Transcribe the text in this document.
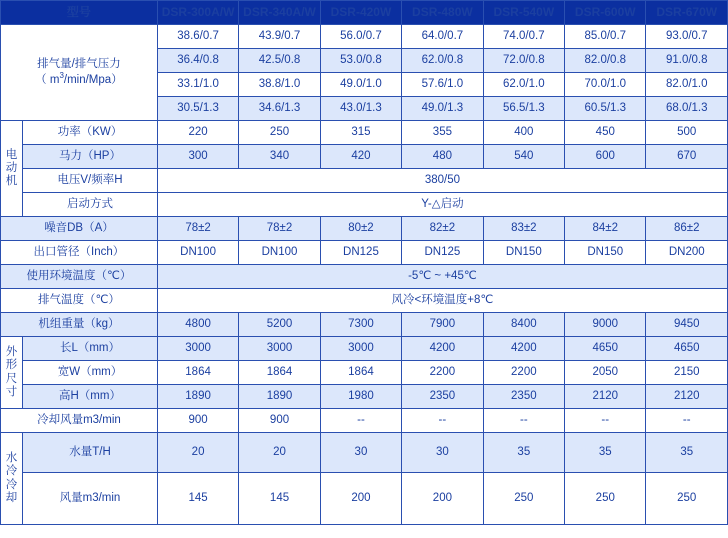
型号		DSR-300A/W	DSR-340A/W	DSR-420W	DSR-480W	DSR-540W	DSR-600W	DSR-670W

排气量/排气压力
（ $m^3/\min/Mpa$）		38.6/0.7	43.9/0.7	56.0/0.7	64.0/0.7	74.0/0.7	85.0/0.7	93.0/0.7
		36.4/0.8	42.5/0.8	53.0/0.8	62.0/0.8	72.0/0.8	82.0/0.8	91.0/0.8
		33.1/1.0	38.8/1.0	49.0/1.0	57.6/1.0	62.0/1.0	70.0/1.0	82.0/1.0
		30.5/1.3	34.6/1.3	43.0/1.3	49.0/1.3	56.5/1.3	60.5/1.3	68.0/1.3

电动机	功率（KW）	220	250	315	355	400	450	500
	马力（HP）	300	340	420	480	540	600	670
	电压V/频率H	380/50						
	启动方式	Y-△启动						
噪音DB（A）		78±2	78±2	80±2	82±2	83±2	84±2	86±2
出口管径（Inch）		DN100	DN100	DN125	DN125	DN150	DN150	DN200
使用环境温度（℃）		-5℃ ~ +45℃						
排气温度（℃）		风冷<环境温度+8℃						
机组重量（kg）		4800	5200	7300	7900	8400	9000	9450

外形尺寸	长L（mm）	3000	3000	3000	4200	4200	4650	4650
	宽W（mm）	1864	1864	1864	2200	2200	2050	2150
	高H（mm）	1890	1890	1980	2350	2350	2120	2120
冷却风量m3/min		900	900	--	--	--	--	--

水冷冷却	水量T/H	20	20	30	30	35	35	35
	风量m3/min	145	145	200	200	250	250	250
